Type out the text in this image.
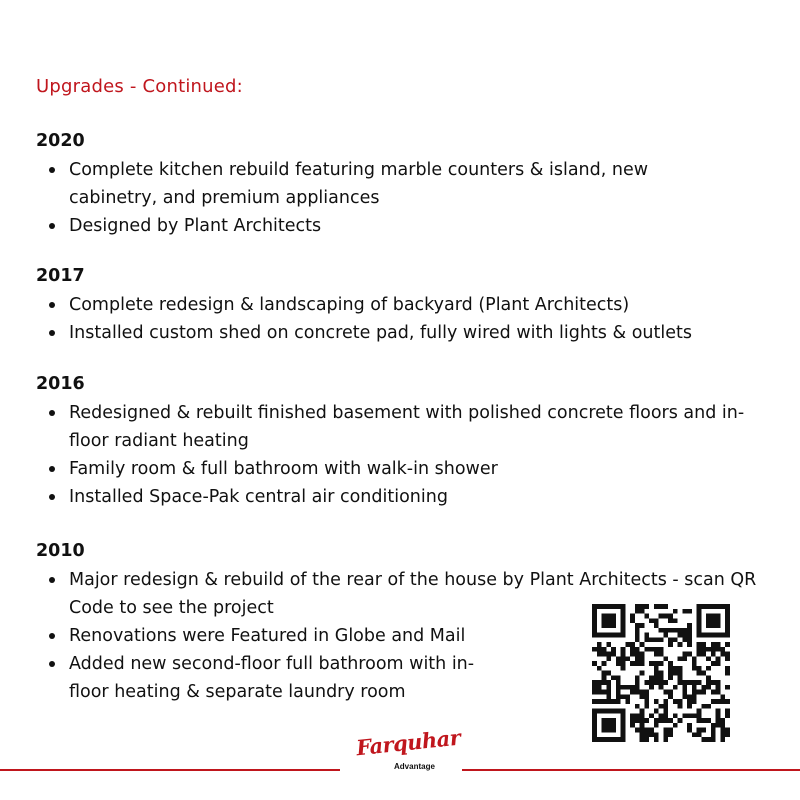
Upgrades - Continued:

2020

Complete kitchen rebuild featuring marble counters & island, new cabinetry, and premium appliances
Designed by Plant Architects

2017

Complete redesign & landscaping of backyard (Plant Architects)
Installed custom shed on concrete pad, fully wired with lights & outlets

2016

Redesigned & rebuilt finished basement with polished concrete floors and in-floor radiant heating
Family room & full bathroom with walk-in shower
Installed Space-Pak central air conditioning

2010

Major redesign & rebuild of the rear of the house by Plant Architects - scan QR Code to see the project
Renovations were Featured in Globe and Mail
Added new second-floor full bathroom with in-floor heating & separate laundry room
Farquhar
Advantage
